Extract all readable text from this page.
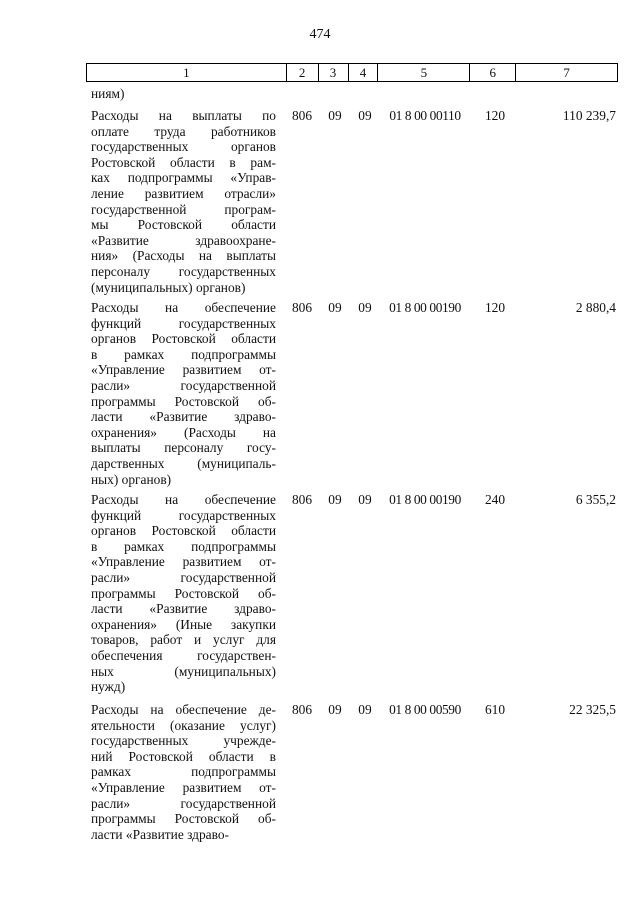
474
1	2	3	4	5	6	7
ниям)
Расходы на выплаты по
оплате труда работников
государственных органов
Ростовской области в рам-
ках подпрограммы «Управ-
ление развитием отрасли»
государственной програм-
мы Ростовской области
«Развитие здравоохране-
ния» (Расходы на выплаты
персоналу государственных
(муниципальных) органов)
806	09	09	01 8 00 00110	120	110 239,7
Расходы на обеспечение
функций государственных
органов Ростовской области
в рамках подпрограммы
«Управление развитием от-
расли» государственной
программы Ростовской об-
ласти «Развитие здраво-
охранения» (Расходы на
выплаты персоналу госу-
дарственных (муниципаль-
ных) органов)
806	09	09	01 8 00 00190	120	2 880,4
Расходы на обеспечение
функций государственных
органов Ростовской области
в рамках подпрограммы
«Управление развитием от-
расли» государственной
программы Ростовской об-
ласти «Развитие здраво-
охранения» (Иные закупки
товаров, работ и услуг для
обеспечения государствен-
ных (муниципальных)
нужд)
806	09	09	01 8 00 00190	240	6 355,2
Расходы на обеспечение де-
ятельности (оказание услуг)
государственных учрежде-
ний Ростовской области в
рамках подпрограммы
«Управление развитием от-
расли» государственной
программы Ростовской об-
ласти «Развитие здраво-
806	09	09	01 8 00 00590	610	22 325,5
